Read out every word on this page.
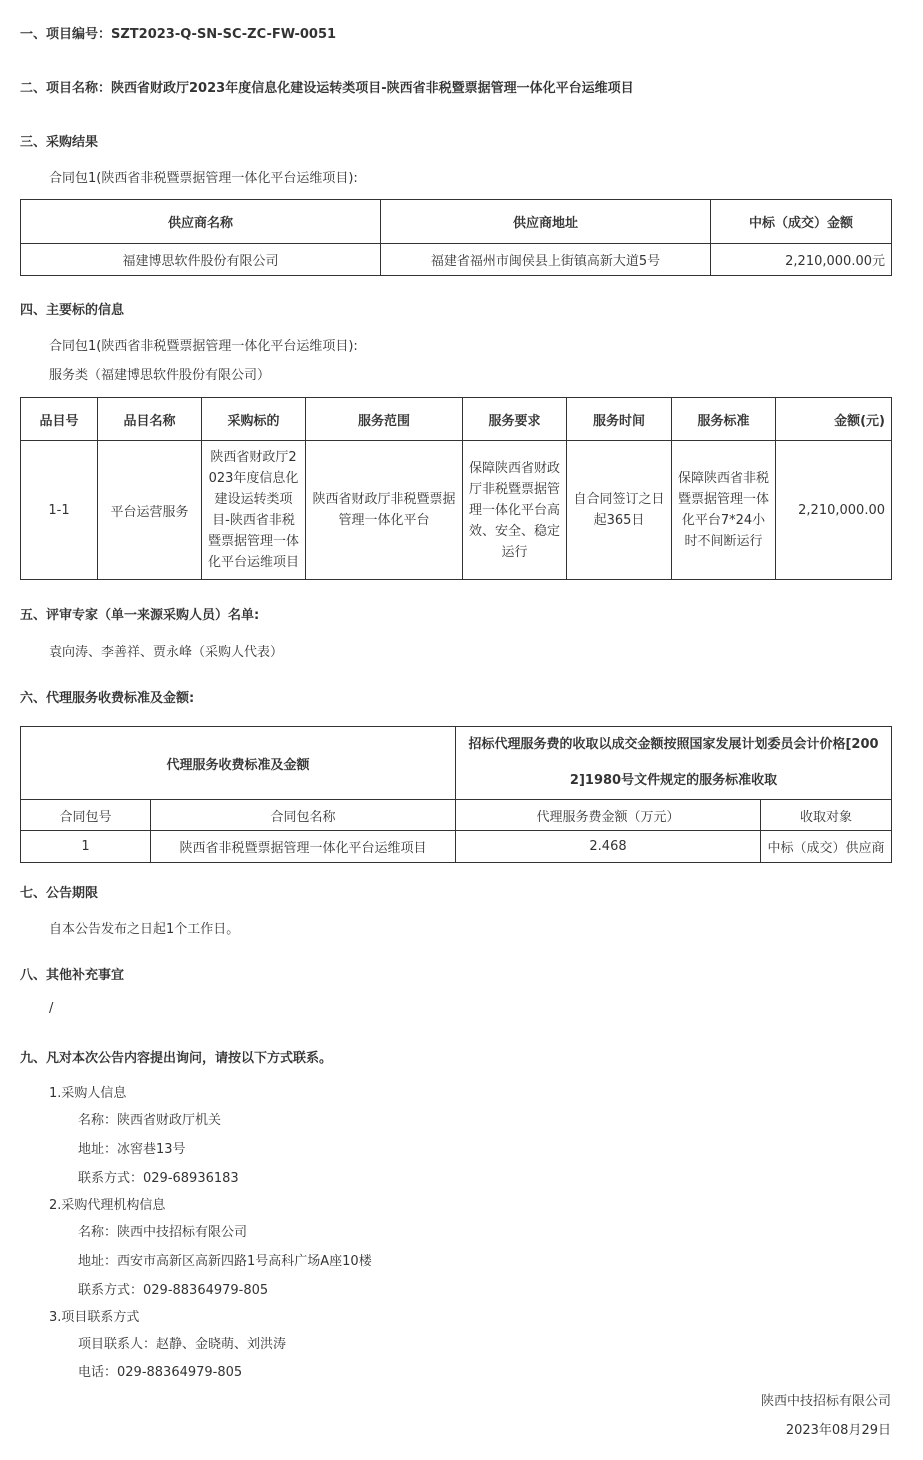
一、项目编号：SZT2023-Q-SN-SC-ZC-FW-0051
二、项目名称：陕西省财政厅2023年度信息化建设运转类项目-陕西省非税暨票据管理一体化平台运维项目
三、采购结果
合同包1(陕西省非税暨票据管理一体化平台运维项目):
供应商名称	供应商地址	中标（成交）金额
福建博思软件股份有限公司	福建省福州市闽侯县上街镇高新大道5号	2,210,000.00元
四、主要标的信息
合同包1(陕西省非税暨票据管理一体化平台运维项目):
服务类（福建博思软件股份有限公司）
品目号	品目名称	采购标的	服务范围	服务要求	服务时间	服务标准	金额(元)
1-1	平台运营服务	陕西省财政厅2023年度信息化建设运转类项目-陕西省非税暨票据管理一体化平台运维项目	陕西省财政厅非税暨票据管理一体化平台	保障陕西省财政厅非税暨票据管理一体化平台高效、安全、稳定运行	自合同签订之日起365日	保障陕西省非税暨票据管理一体化平台7*24小时不间断运行	2,210,000.00
五、评审专家（单一来源采购人员）名单:
袁向涛、李善祥、贾永峰（采购人代表）
六、代理服务收费标准及金额:
代理服务收费标准及金额		招标代理服务费的收取以成交金额按照国家发展计划委员会计价格[2002]1980号文件规定的服务标准收取	
合同包号	合同包名称	代理服务费金额（万元）	收取对象
1	陕西省非税暨票据管理一体化平台运维项目	2.468	中标（成交）供应商
七、公告期限
自本公告发布之日起1个工作日。
八、其他补充事宜
/
九、凡对本次公告内容提出询问，请按以下方式联系。
1.采购人信息
名称：陕西省财政厅机关
地址：冰窖巷13号
联系方式：029-68936183
2.采购代理机构信息
名称：陕西中技招标有限公司
地址：西安市高新区高新四路1号高科广场A座10楼
联系方式：029-88364979-805
3.项目联系方式
项目联系人：赵静、金晓萌、刘洪涛
电话：029-88364979-805
陕西中技招标有限公司
2023年08月29日
